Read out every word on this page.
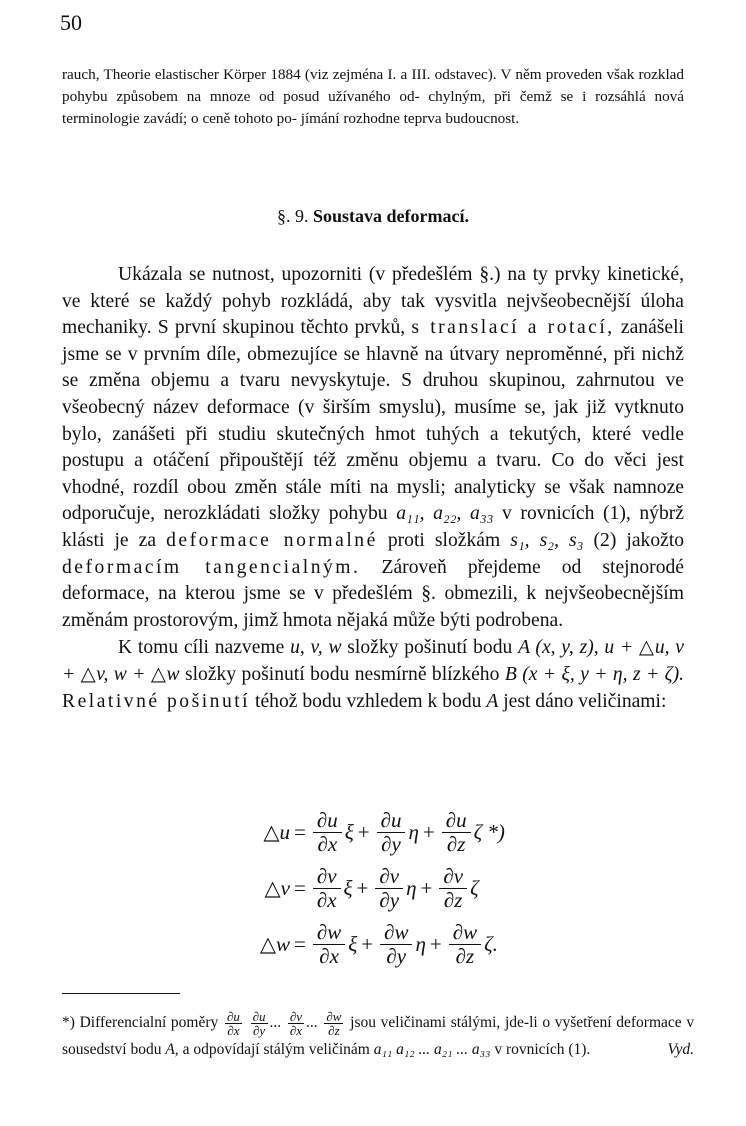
50

rauch, Theorie elastischer Körper 1884 (viz zejména I. a III. odstavec). V něm proveden však rozklad pohybu způsobem na mnoze od posud užívaného od- chylným, při čemž se i rozsáhlá nová terminologie zavádí; o ceně tohoto po- jímání rozhodne teprva budoucnost.

§. 9. Soustava deformací.

Ukázala se nutnost, upozorniti (v předešlém §.) na ty prvky kinetické, ve které se každý pohyb rozkládá, aby tak vysvitla nejvšeobecnější úloha mechaniky. S první skupinou těchto prvků, s translací a rotací, zanášeli jsme se v prvním díle, obmezujíce se hlavně na útvary neproměnné, při nichž se změna objemu a tvaru nevyskytuje. S druhou skupinou, zahrnutou ve všeobecný název deformace (v širším smyslu), musíme se, jak již vytknuto bylo, zanášeti při studiu skutečných hmot tuhých a tekutých, které vedle postupu a otáčení připouštějí též změnu objemu a tvaru. Co do věci jest vhodné, rozdíl obou změn stále míti na mysli; analyticky se však namnoze odporučuje, nerozkládati složky pohybu a₁₁, a₂₂, a₃₃ v rovnicích (1), nýbrž klásti je za deformace normalné proti složkám s₁, s₂, s₃ (2) jakožto deformacím tangencialným. Zároveň přejdeme od stejnorodé deformace, na kterou jsme se v předešlém §. obmezili, k nejvšeobecnějším změnám prostorovým, jimž hmota nějaká může býti podrobena.

K tomu cíli nazveme u, v, w složky pošinutí bodu A (x, y, z), u + △u, v + △v, w + △w složky pošinutí bodu nesmírně blízkého B (x + ξ, y + η, z + ζ). Relativné pošinutí téhož bodu vzhledem k bodu A jest dáno veličinami:

△u = $\frac{\partial u}{\partial x}$ $\xi + \frac{\partial u}{\partial y}$ $\eta + \frac{\partial u}{\partial z}$ ζ *)
△v = $\frac{\partial v}{\partial x}$ $\xi + \frac{\partial v}{\partial y}$ $\eta + \frac{\partial v}{\partial z}$ ζ
△w = $\frac{\partial w}{\partial x}$ $\xi + \frac{\partial w}{\partial y}$ $\eta + \frac{\partial w}{\partial z} \zeta$.

*) Differencialní poměry $\frac{\partial u}{\partial x}$
$\frac{\partial u}{\partial y}$ ... $\frac{\partial v}{\partial x}$ ... $\frac{\partial w}{\partial z}$ jsou veličinami stálými, jde-li o vyšetření deformace v sousedství bodu A, a odpovídají stálým veličinám a₁₁ a₁₂ ... a₂₁ ... a₃₃ v rovnicích (1).	Vyd.
